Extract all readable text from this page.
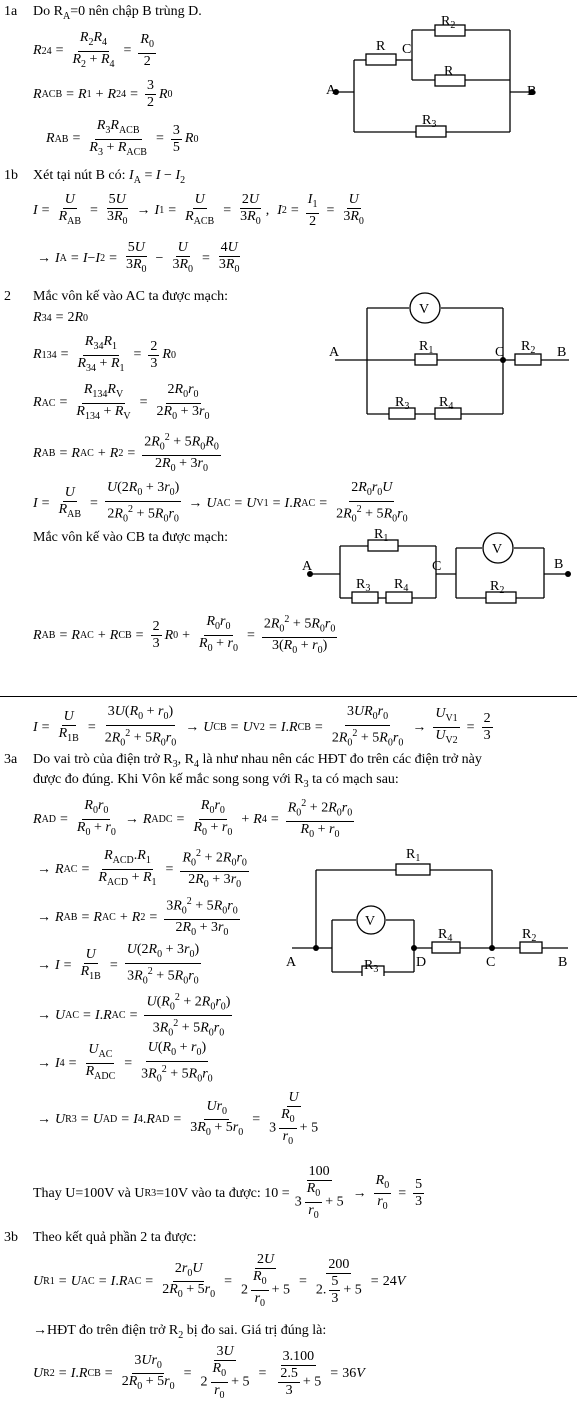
1a Do $R_A=0$ nên chập B trùng D.
R $24 = \frac{R_2R_4}{R_2 + R_4} = \frac{R_0}{2}$
R ACB = R 1 + R $24 = \frac{3}{2}$ R 0
R AB = $\frac{R_3R_{ACB}}{R_3 + R_{ACB}} = \frac{3}{5}$ R 0
A	B
C
R
$R_2$
R
$R_3$
1b Xét tại nút B có: $I_A = I - I_2$
$I = \frac{U}{R_{AB}} = \frac{5U}{3R_0} \to I$ $1 = \frac{U}{R_{ACB}} = \frac{2U}{3R_0}$ , I $2 = \frac{I_1}{2} = \frac{U}{3R_0}$
→ I A = I − I $2 = \frac{5U}{3R_0} - \frac{U}{3R_0} = \frac{4U}{3R_0}$
2 Mắc vôn kế vào AC ta được mạch:
R 34 = 2 R 0
R $134 = \frac{R_{34}R_1}{R_{34} + R_1} = \frac{2}{3}$ R 0
R AC = $\frac{R_{134}R_V}{R_{134} + R_V} = \frac{2R_0r_0}{2R_0 + 3r_0}$
R AB = R AC + R $2 = \frac{2R_0^2 + 5R_0R_0}{2R_0 + 3r_0}$
$I = \frac{U}{R_{AB}} = \frac{U(2R_0 + 3r_0)}{2R_0^2 + 5R_0r_0} \to U$ AC = U V1 = I . R AC = $\frac{2R_0r_0U}{2R_0^2 + 5R_0r_0}$
Mắc vôn kế vào CB ta được mạch:
V
A	C	B
$R_1$	$R_2$
$R_3$ $R_4$
V
A	C	B
$R_1$
$R_3$ $R_4$	$R_2$
R AB = R AC + R CB = $\frac{2}{3}$ R $0 + \frac{R_0r_0}{R_0 + r_0} = \frac{2R_0^2 + 5R_0r_0}{3(R_0 + r_0)}$
$I = \frac{U}{R_{1B}} = \frac{3U(R_0 + r_0)}{2R_0^2 + 5R_0r_0} \to U$ CB = U V2 = I . R CB = $\frac{3UR_0r_0}{2R_0^2 + 5R_0r_0} \to \frac{U_{V1}}{U_{V2}} = \frac{2}{3}$
3a Do vai trò của điện trở $R_3$, $R_4$ là như nhau nên các HĐT đo trên các điện trở này
được đo đúng. Khi Vôn kế mắc song song với $R_3$ ta có mạch sau:
R AD = $\frac{R_0r_0}{R_0 + r_0} \to R$ ADC = $\frac{R_0r_0}{R_0 + r_0} + R$ $4 = \frac{R_0^2 + 2R_0r_0}{R_0 + r_0}$
→ R AC = $\frac{R_{ACD}.R_1}{R_{ACD} + R_1} = \frac{R_0^2 + 2R_0r_0}{2R_0 + 3r_0}$
→ R AB = R AC + R $2 = \frac{3R_0^2 + 5R_0r_0}{2R_0 + 3r_0}$
→ $I = \frac{U}{R_{1B}} = \frac{U(2R_0 + 3r_0)}{3R_0^2 + 5R_0r_0}$
→ U AC = I . R AC = $\frac{U(R_0^2 + 2R_0r_0)}{3R_0^2 + 5R_0r_0}$
→ I $4 = \frac{U_{AC}}{R_{ADC}} = \frac{U(R_0 + r_0)}{3R_0^2 + 5R_0r_0}$
→ U R3 = U AD = I 4 . R AD = $\frac{Ur_0}{3R_0 + 5r_0} = \frac{U}{3 \frac{R_0}{r_0} + 5}$
V
A	D	C	B
$R_1$
$R_3$
$R_4$	$R_2$
Thay U=100V và U R3 =10V vào ta được: $10 = \frac{100}{3 \frac{R_0}{r_0} + 5} \to \frac{R_0}{r_0} = \frac{5}{3}$
3b Theo kết quả phần 2 ta được:
U R1 = U AC = I . R AC = $\frac{2r_0U}{2R_0 + 5r_0} = \frac{2U}{2 \frac{R_0}{r_0} + 5} = \frac{200}{2. \frac{5}{3} + 5} = 24$ V
→HĐT đo trên điện trở $R_2$ bị đo sai. Giá trị đúng là:
U R2 = I . R CB = $\frac{3Ur_0}{2R_0 + 5r_0} = \frac{3U}{2 \frac{R_0}{r_0} + 5} = \frac{3.100}{\frac{2.5}{3} + 5} = 36$ V
